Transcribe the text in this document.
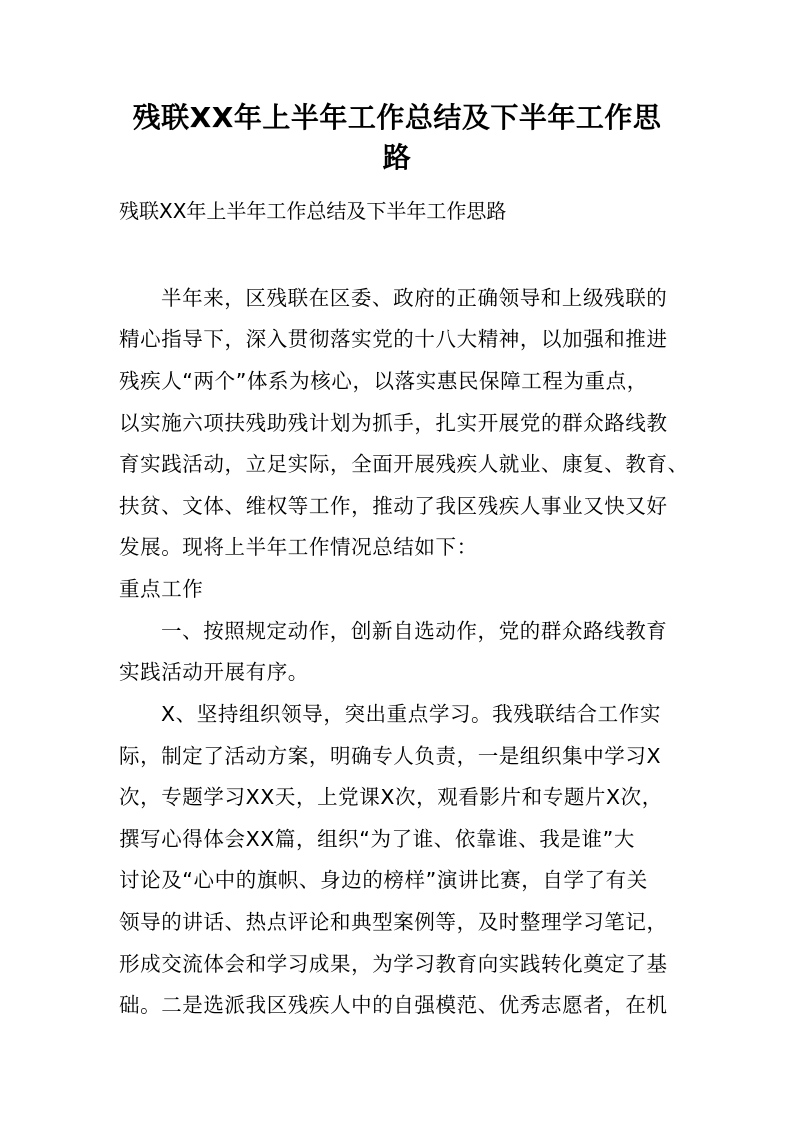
残联XX年上半年工作总结及下半年工作思
路
残联XX年上半年工作总结及下半年工作思路
半年来，区残联在区委、政府的正确领导和上级残联的
精心指导下，深入贯彻落实党的十八大精神，以加强和推进
残疾人“两个”体系为核心，以落实惠民保障工程为重点，
以实施六项扶残助残计划为抓手，扎实开展党的群众路线教
育实践活动，立足实际，全面开展残疾人就业、康复、教育、
扶贫、文体、维权等工作，推动了我区残疾人事业又快又好
发展。现将上半年工作情况总结如下：
重点工作
一、按照规定动作，创新自选动作，党的群众路线教育
实践活动开展有序。
X、坚持组织领导，突出重点学习。我残联结合工作实
际，制定了活动方案，明确专人负责，一是组织集中学习X
次，专题学习XX天，上党课X次，观看影片和专题片X次，
撰写心得体会XX篇，组织“为了谁、依靠谁、我是谁”大
讨论及“心中的旗帜、身边的榜样”演讲比赛，自学了有关
领导的讲话、热点评论和典型案例等，及时整理学习笔记，
形成交流体会和学习成果，为学习教育向实践转化奠定了基
础。二是选派我区残疾人中的自强模范、优秀志愿者，在机
